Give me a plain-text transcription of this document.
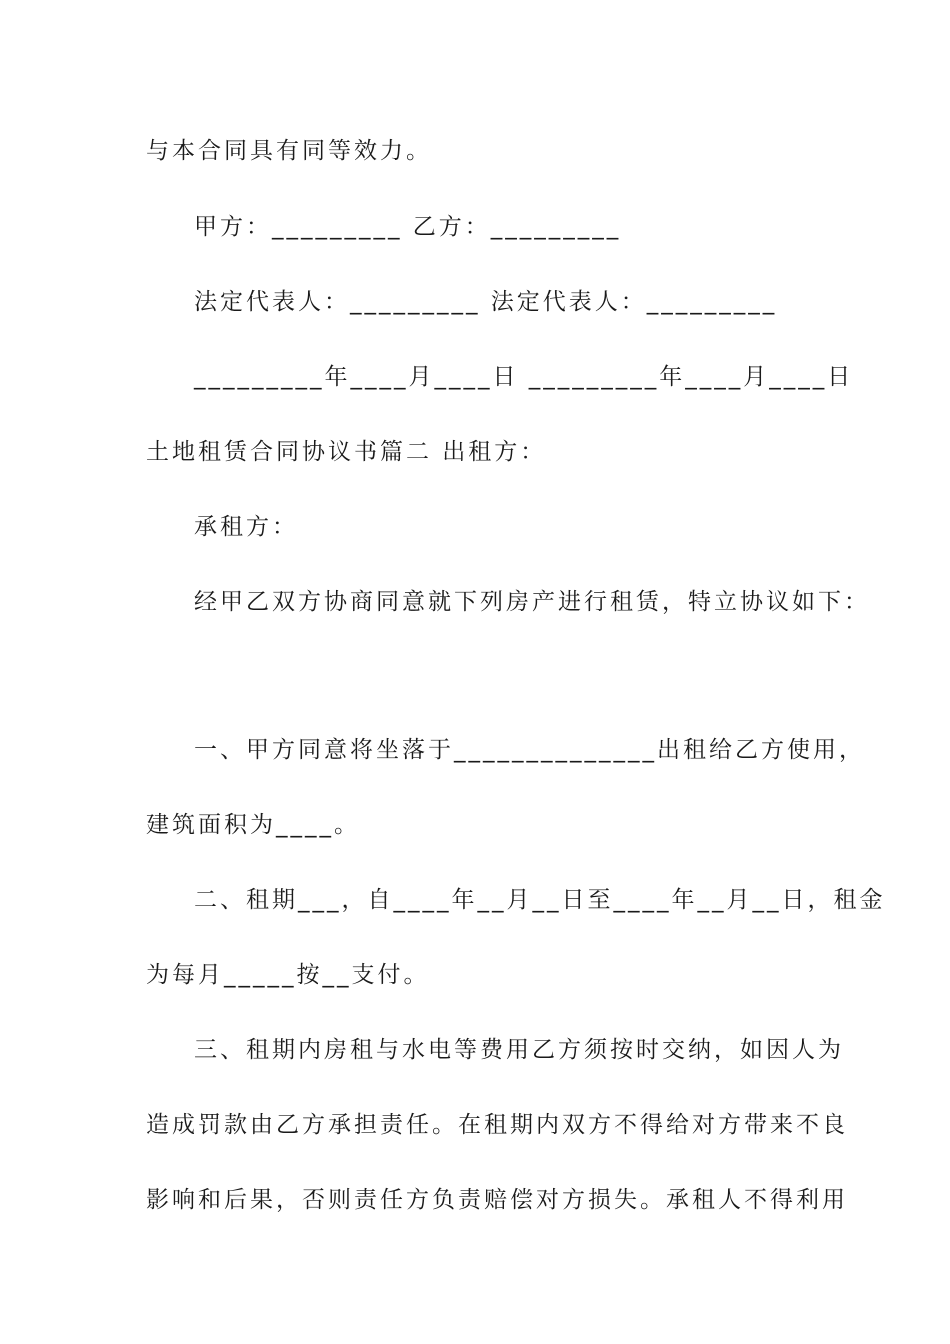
与本合同具有同等效力。
甲方：_________ 乙方：_________
法定代表人：_________ 法定代表人：_________
_________年____月____日 _________年____月____日
土地租赁合同协议书篇二 出租方：
承租方：
经甲乙双方协商同意就下列房产进行租赁，特立协议如下：
一、甲方同意将坐落于______________出租给乙方使用，
建筑面积为____。
二、租期___，自____年__月__日至____年__月__日，租金
为每月_____按__支付。
三、租期内房租与水电等费用乙方须按时交纳，如因人为
造成罚款由乙方承担责任。在租期内双方不得给对方带来不良
影响和后果，否则责任方负责赔偿对方损失。承租人不得利用
